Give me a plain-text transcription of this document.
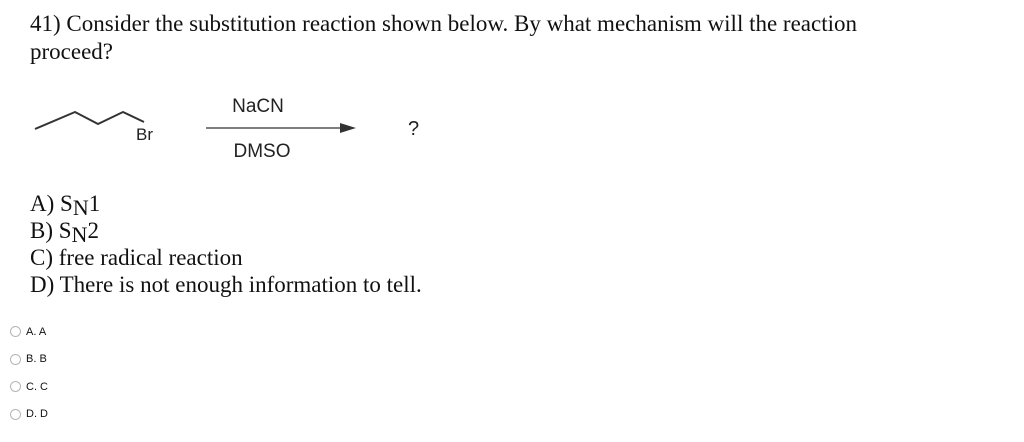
41) Consider the substitution reaction shown below. By what mechanism will the reaction proceed?
Br
NaCN
DMSO
?
A) SN1
B) SN2
C) free radical reaction
D) There is not enough information to tell.
A. A
B. B
C. C
D. D
